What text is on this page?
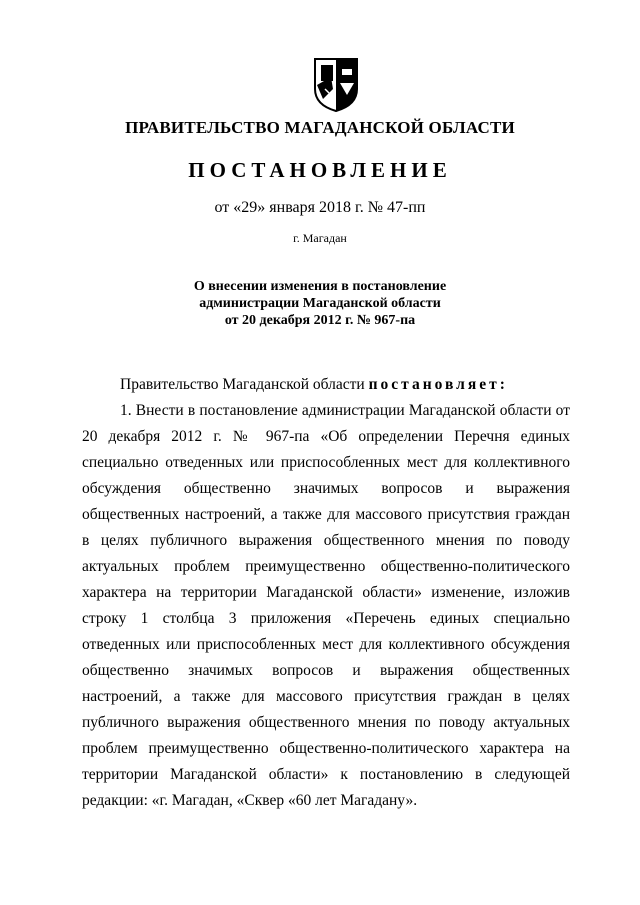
ПРАВИТЕЛЬСТВО МАГАДАНСКОЙ ОБЛАСТИ
ПОСТАНОВЛЕНИЕ
от «29» января 2018 г. № 47-пп
г. Магадан
О внесении изменения в постановление
администрации Магаданской области
от 20 декабря 2012 г. № 967-па

Правительство Магаданской области постановляет:

1. Внести в постановление администрации Магаданской области от 20 декабря 2012 г. № 967-па «Об определении Перечня единых специально отведенных или приспособленных мест для коллективного обсуждения общественно значимых вопросов и выражения общественных настроений, а также для массового присутствия граждан в целях публичного выражения общественного мнения по поводу актуальных проблем преимущественно общественно-политического характера на территории Магаданской области» изменение, изложив строку 1 столбца 3 приложения «Перечень единых специально отведенных или приспособленных мест для коллективного обсуждения общественно значимых вопросов и выражения общественных настроений, а также для массового присутствия граждан в целях публичного выражения общественного мнения по поводу актуальных проблем преимущественно общественно-политического характера на территории Магаданской области» к постановлению в следующей редакции: «г. Магадан, «Сквер «60 лет Магадану».
